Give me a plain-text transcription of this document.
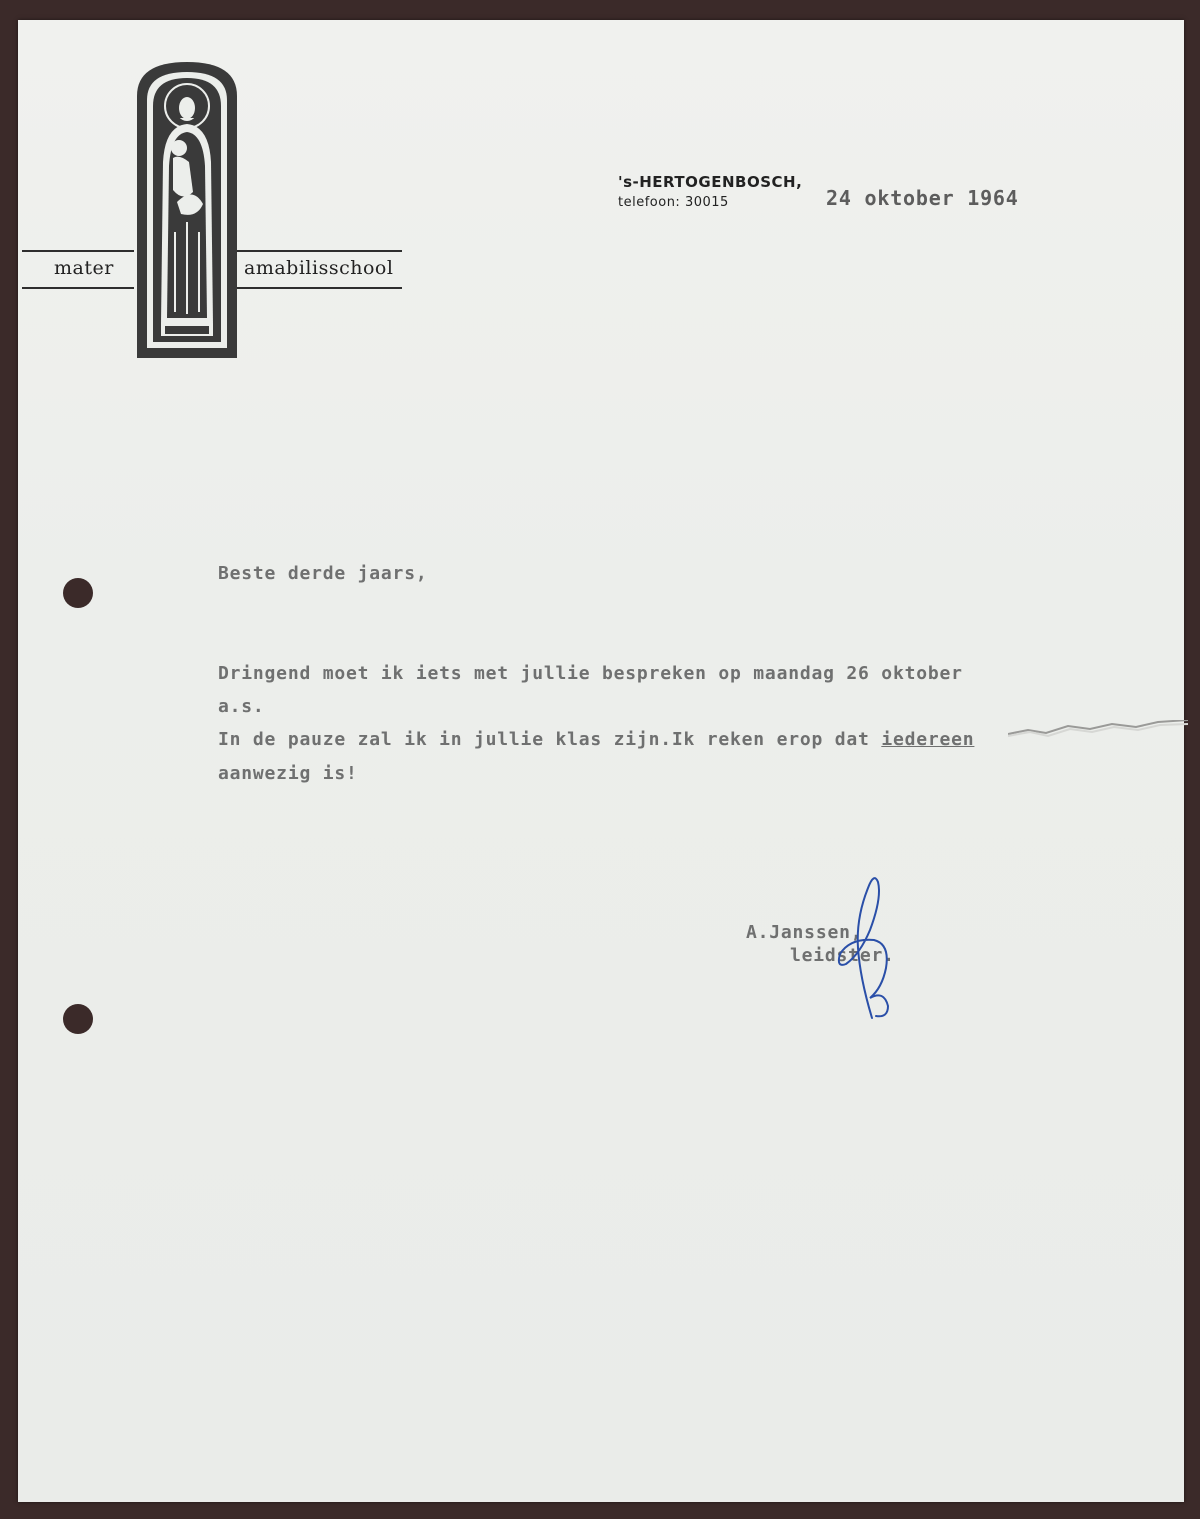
mater	amabilisschool
's-HERTOGENBOSCH,
telefoon: 30015	24 oktober 1964
Beste derde jaars,
Dringend moet ik iets met jullie bespreken op maandag 26 oktober
a.s.
In de pauze zal ik in jullie klas zijn.Ik reken erop dat iedereen
aanwezig is!
A.Janssen,
leidster.
